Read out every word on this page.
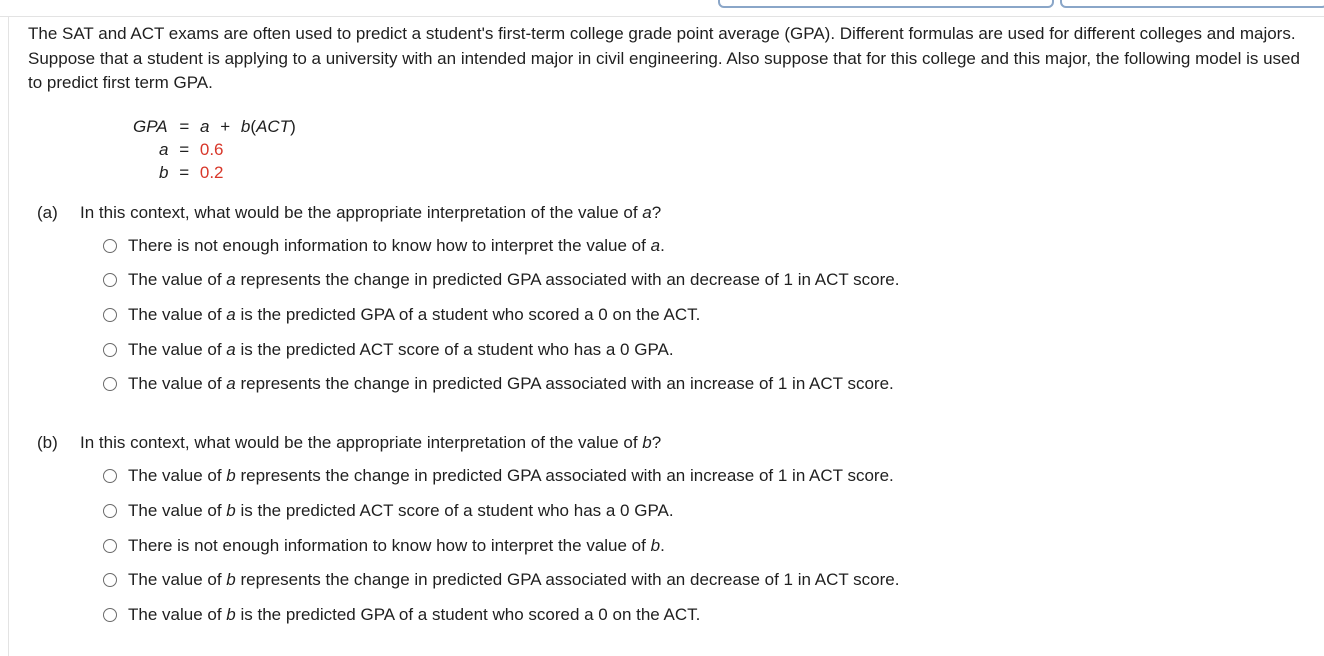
The SAT and ACT exams are often used to predict a student's first-term college grade point average (GPA). Different formulas are used for different colleges and majors. Suppose that a student is applying to a university with an intended major in civil engineering. Also suppose that for this college and this major, the following model is used to predict first term GPA.

GPA = a + b(ACT)
a = 0.6
b = 0.2
(a) In this context, what would be the appropriate interpretation of the value of a?
There is not enough information to know how to interpret the value of a.
The value of a represents the change in predicted GPA associated with an decrease of 1 in ACT score.
The value of a is the predicted GPA of a student who scored a 0 on the ACT.
The value of a is the predicted ACT score of a student who has a 0 GPA.
The value of a represents the change in predicted GPA associated with an increase of 1 in ACT score.
(b) In this context, what would be the appropriate interpretation of the value of b?
The value of b represents the change in predicted GPA associated with an increase of 1 in ACT score.
The value of b is the predicted ACT score of a student who has a 0 GPA.
There is not enough information to know how to interpret the value of b.
The value of b represents the change in predicted GPA associated with an decrease of 1 in ACT score.
The value of b is the predicted GPA of a student who scored a 0 on the ACT.
